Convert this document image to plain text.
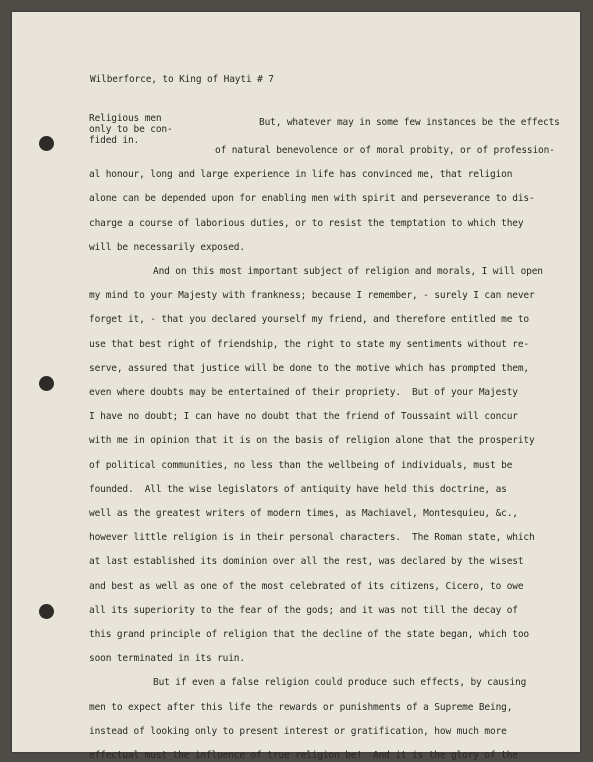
Wilberforce, to King of Hayti # 7
Religious men
only to be con-
fided in.
But, whatever may in some few instances be the effects
of natural benevolence or of moral probity, or of profession-
al honour, long and large experience in life has convinced me, that religion
alone can be depended upon for enabling men with spirit and perseverance to dis-
charge a course of laborious duties, or to resist the temptation to which they
will be necessarily exposed.
And on this most important subject of religion and morals, I will open
my mind to your Majesty with frankness; because I remember, - surely I can never
forget it, - that you declared yourself my friend, and therefore entitled me to
use that best right of friendship, the right to state my sentiments without re-
serve, assured that justice will be done to the motive which has prompted them,
even where doubts may be entertained of their propriety.  But of your Majesty
I have no doubt; I can have no doubt that the friend of Toussaint will concur
with me in opinion that it is on the basis of religion alone that the prosperity
of political communities, no less than the wellbeing of individuals, must be
founded.  All the wise legislators of antiquity have held this doctrine, as
well as the greatest writers of modern times, as Machiavel, Montesquieu, &c.,
however little religion is in their personal characters.  The Roman state, which
at last established its dominion over all the rest, was declared by the wisest
and best as well as one of the most celebrated of its citizens, Cicero, to owe
all its superiority to the fear of the gods; and it was not till the decay of
this grand principle of religion that the decline of the state began, which too
soon terminated in its ruin.
But if even a false religion could produce such effects, by causing
men to expect after this life the rewards or punishments of a Supreme Being,
instead of looking only to present interest or gratification, how much more
effectual must the influence of true religion be!  And it is the glory of the
